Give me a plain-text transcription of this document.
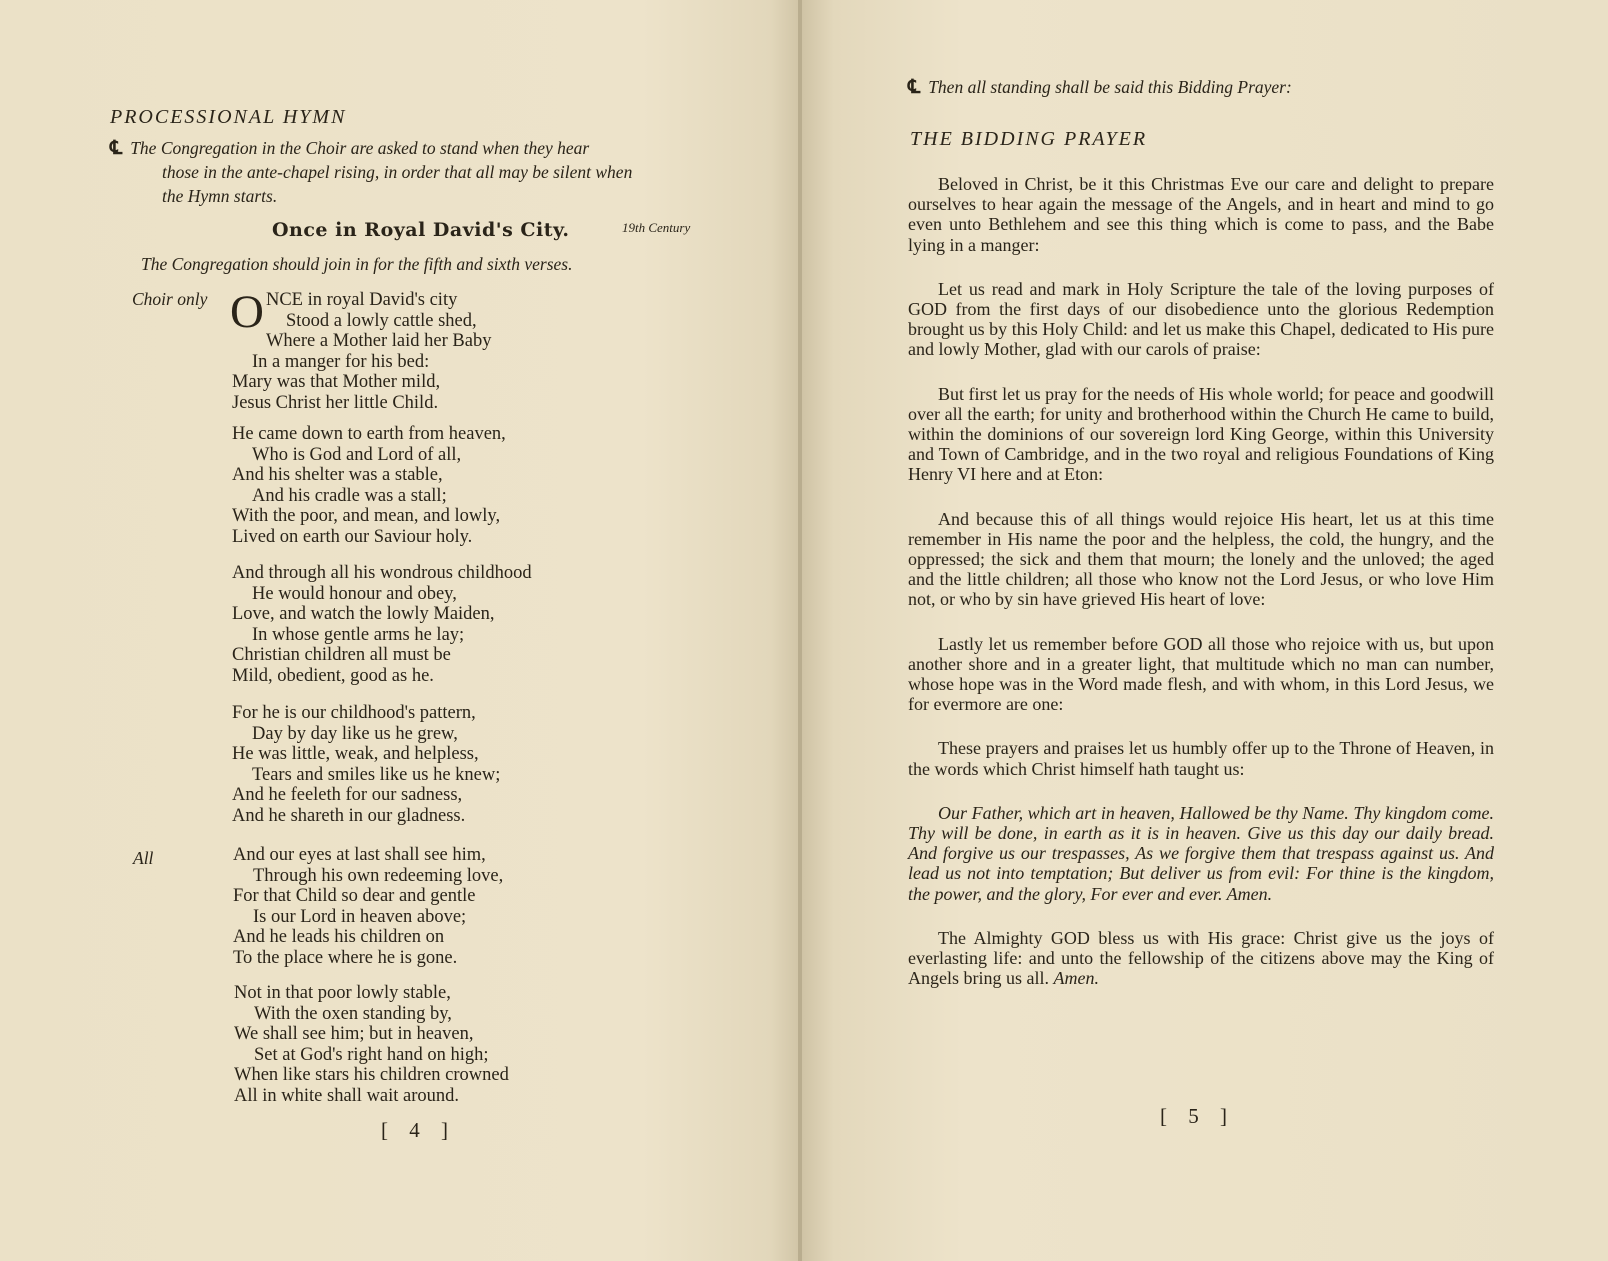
PROCESSIONAL HYMN
℄ The Congregation in the Choir are asked to stand when they hear
those in the ante-chapel rising, in order that all may be silent when
the Hymn starts.
Once in Royal David's City.	19th Century
The Congregation should join in for the fifth and sixth verses.
Choir only
All
ONCE in royal David's city
Stood a lowly cattle shed,
Where a Mother laid her Baby
In a manger for his bed:
Mary was that Mother mild,
Jesus Christ her little Child.
He came down to earth from heaven,
Who is God and Lord of all,
And his shelter was a stable,
And his cradle was a stall;
With the poor, and mean, and lowly,
Lived on earth our Saviour holy.
And through all his wondrous childhood
He would honour and obey,
Love, and watch the lowly Maiden,
In whose gentle arms he lay;
Christian children all must be
Mild, obedient, good as he.
For he is our childhood's pattern,
Day by day like us he grew,
He was little, weak, and helpless,
Tears and smiles like us he knew;
And he feeleth for our sadness,
And he shareth in our gladness.
And our eyes at last shall see him,
Through his own redeeming love,
For that Child so dear and gentle
Is our Lord in heaven above;
And he leads his children on
To the place where he is gone.
Not in that poor lowly stable,
With the oxen standing by,
We shall see him; but in heaven,
Set at God's right hand on high;
When like stars his children crowned
All in white shall wait around.
[ 4 ]
℄ Then all standing shall be said this Bidding Prayer:
THE BIDDING PRAYER

Beloved in Christ, be it this Christmas Eve our care and delight to prepare ourselves to hear again the message of the Angels, and in heart and mind to go even unto Bethlehem and see this thing which is come to pass, and the Babe lying in a manger:

Let us read and mark in Holy Scripture the tale of the loving purposes of GOD from the first days of our disobedience unto the glorious Redemption brought us by this Holy Child: and let us make this Chapel, dedicated to His pure and lowly Mother, glad with our carols of praise:

But first let us pray for the needs of His whole world; for peace and goodwill over all the earth; for unity and brotherhood within the Church He came to build, within the dominions of our sovereign lord King George, within this University and Town of Cambridge, and in the two royal and religious Foundations of King Henry VI here and at Eton:

And because this of all things would rejoice His heart, let us at this time remember in His name the poor and the helpless, the cold, the hungry, and the oppressed; the sick and them that mourn; the lonely and the unloved; the aged and the little children; all those who know not the Lord Jesus, or who love Him not, or who by sin have grieved His heart of love:

Lastly let us remember before GOD all those who rejoice with us, but upon another shore and in a greater light, that multitude which no man can number, whose hope was in the Word made flesh, and with whom, in this Lord Jesus, we for evermore are one:

These prayers and praises let us humbly offer up to the Throne of Heaven, in the words which Christ himself hath taught us:

Our Father, which art in heaven, Hallowed be thy Name. Thy kingdom come. Thy will be done, in earth as it is in heaven. Give us this day our daily bread. And forgive us our trespasses, As we forgive them that trespass against us. And lead us not into temptation; But deliver us from evil: For thine is the kingdom, the power, and the glory, For ever and ever. Amen.

The Almighty GOD bless us with His grace: Christ give us the joys of everlasting life: and unto the fellowship of the citizens above may the King of Angels bring us all. Amen.

[ 5 ]
